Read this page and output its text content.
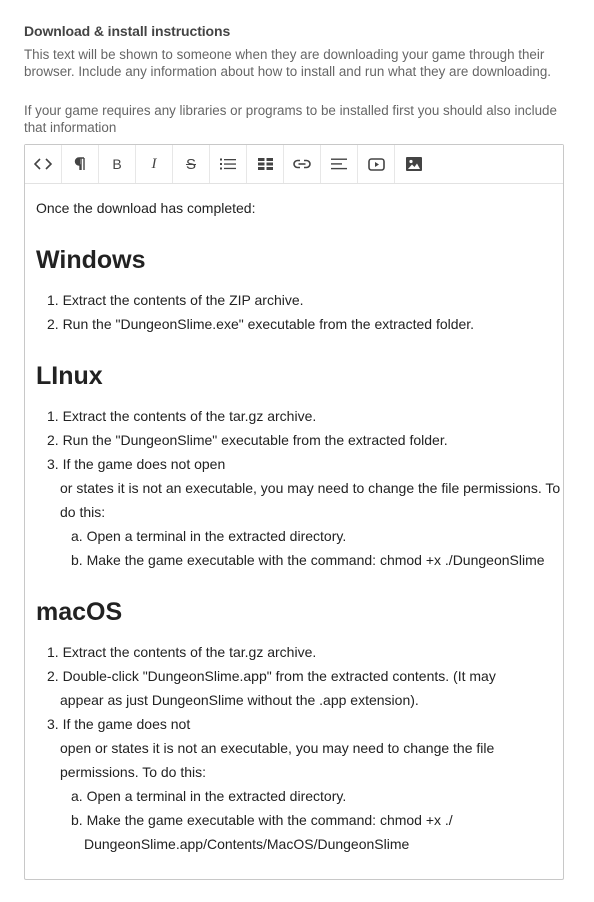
Download & install instructions
This text will be shown to someone when they are downloading your game through their browser. Include any information about how to install and run what they are downloading.
If your game requires any libraries or programs to be installed first you should also include that information
B I S
Once the download has completed:
Windows
1. Extract the contents of the ZIP archive.
2. Run the "DungeonSlime.exe" executable from the extracted folder.
LInux
1. Extract the contents of the tar.gz archive.
2. Run the "DungeonSlime" executable from the extracted folder.
3. If the game does not open
or states it is not an executable, you may need to change the file permissions. To
do this:
a. Open a terminal in the extracted directory.
b. Make the game executable with the command: chmod +x ./DungeonSlime
macOS
1. Extract the contents of the tar.gz archive.
2. Double-click "DungeonSlime.app" from the extracted contents. (It may
appear as just DungeonSlime without the .app extension).
3. If the game does not
open or states it is not an executable, you may need to change the file
permissions. To do this:
a. Open a terminal in the extracted directory.
b. Make the game executable with the command: chmod +x ./
DungeonSlime.app/Contents/MacOS/DungeonSlime
